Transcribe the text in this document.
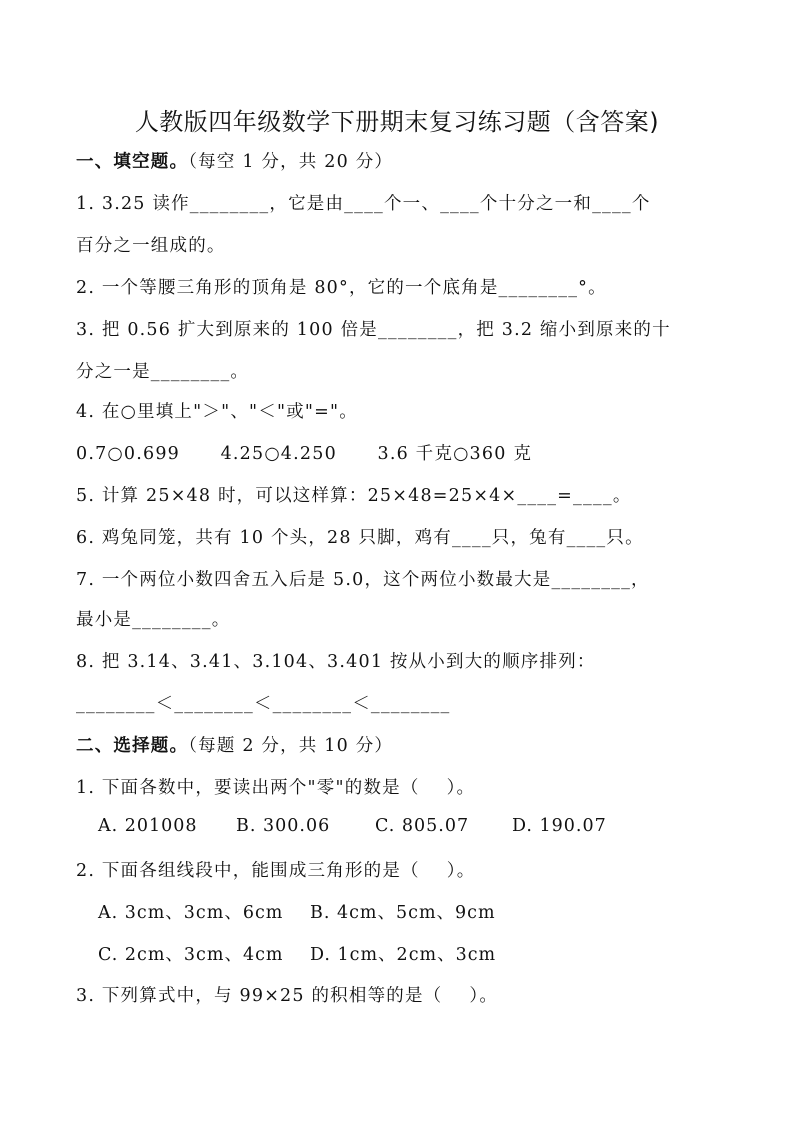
人教版四年级数学下册期末复习练习题（含答案)
一、填空题。（每空 1 分，共 20 分）
1. 3.25 读作________，它是由____个一、____个十分之一和____个
百分之一组成的。
2. 一个等腰三角形的顶角是 80°，它的一个底角是________°。
3. 把 0.56 扩大到原来的 100 倍是________，把 3.2 缩小到原来的十
分之一是________。
4. 在○里填上"＞"、"＜"或"="。
0.7○0.699      4.25○4.250      3.6 千克○360 克
5. 计算 25×48 时，可以这样算：25×48=25×4×____=____。
6. 鸡兔同笼，共有 10 个头，28 只脚，鸡有____只，兔有____只。
7. 一个两位小数四舍五入后是 5.0，这个两位小数最大是________，
最小是________。
8. 把 3.14、3.41、3.104、3.401 按从小到大的顺序排列：
________＜________＜________＜________
二、选择题。（每题 2 分，共 10 分）
1. 下面各数中，要读出两个"零"的数是（    ）。
A. 201008 B. 300.06	C. 805.07 D. 190.07
2. 下面各组线段中，能围成三角形的是（    ）。
A. 3cm、3cm、6cm B. 4cm、5cm、9cm
C. 2cm、3cm、4cm D. 1cm、2cm、3cm
3. 下列算式中，与 99×25 的积相等的是（    ）。
